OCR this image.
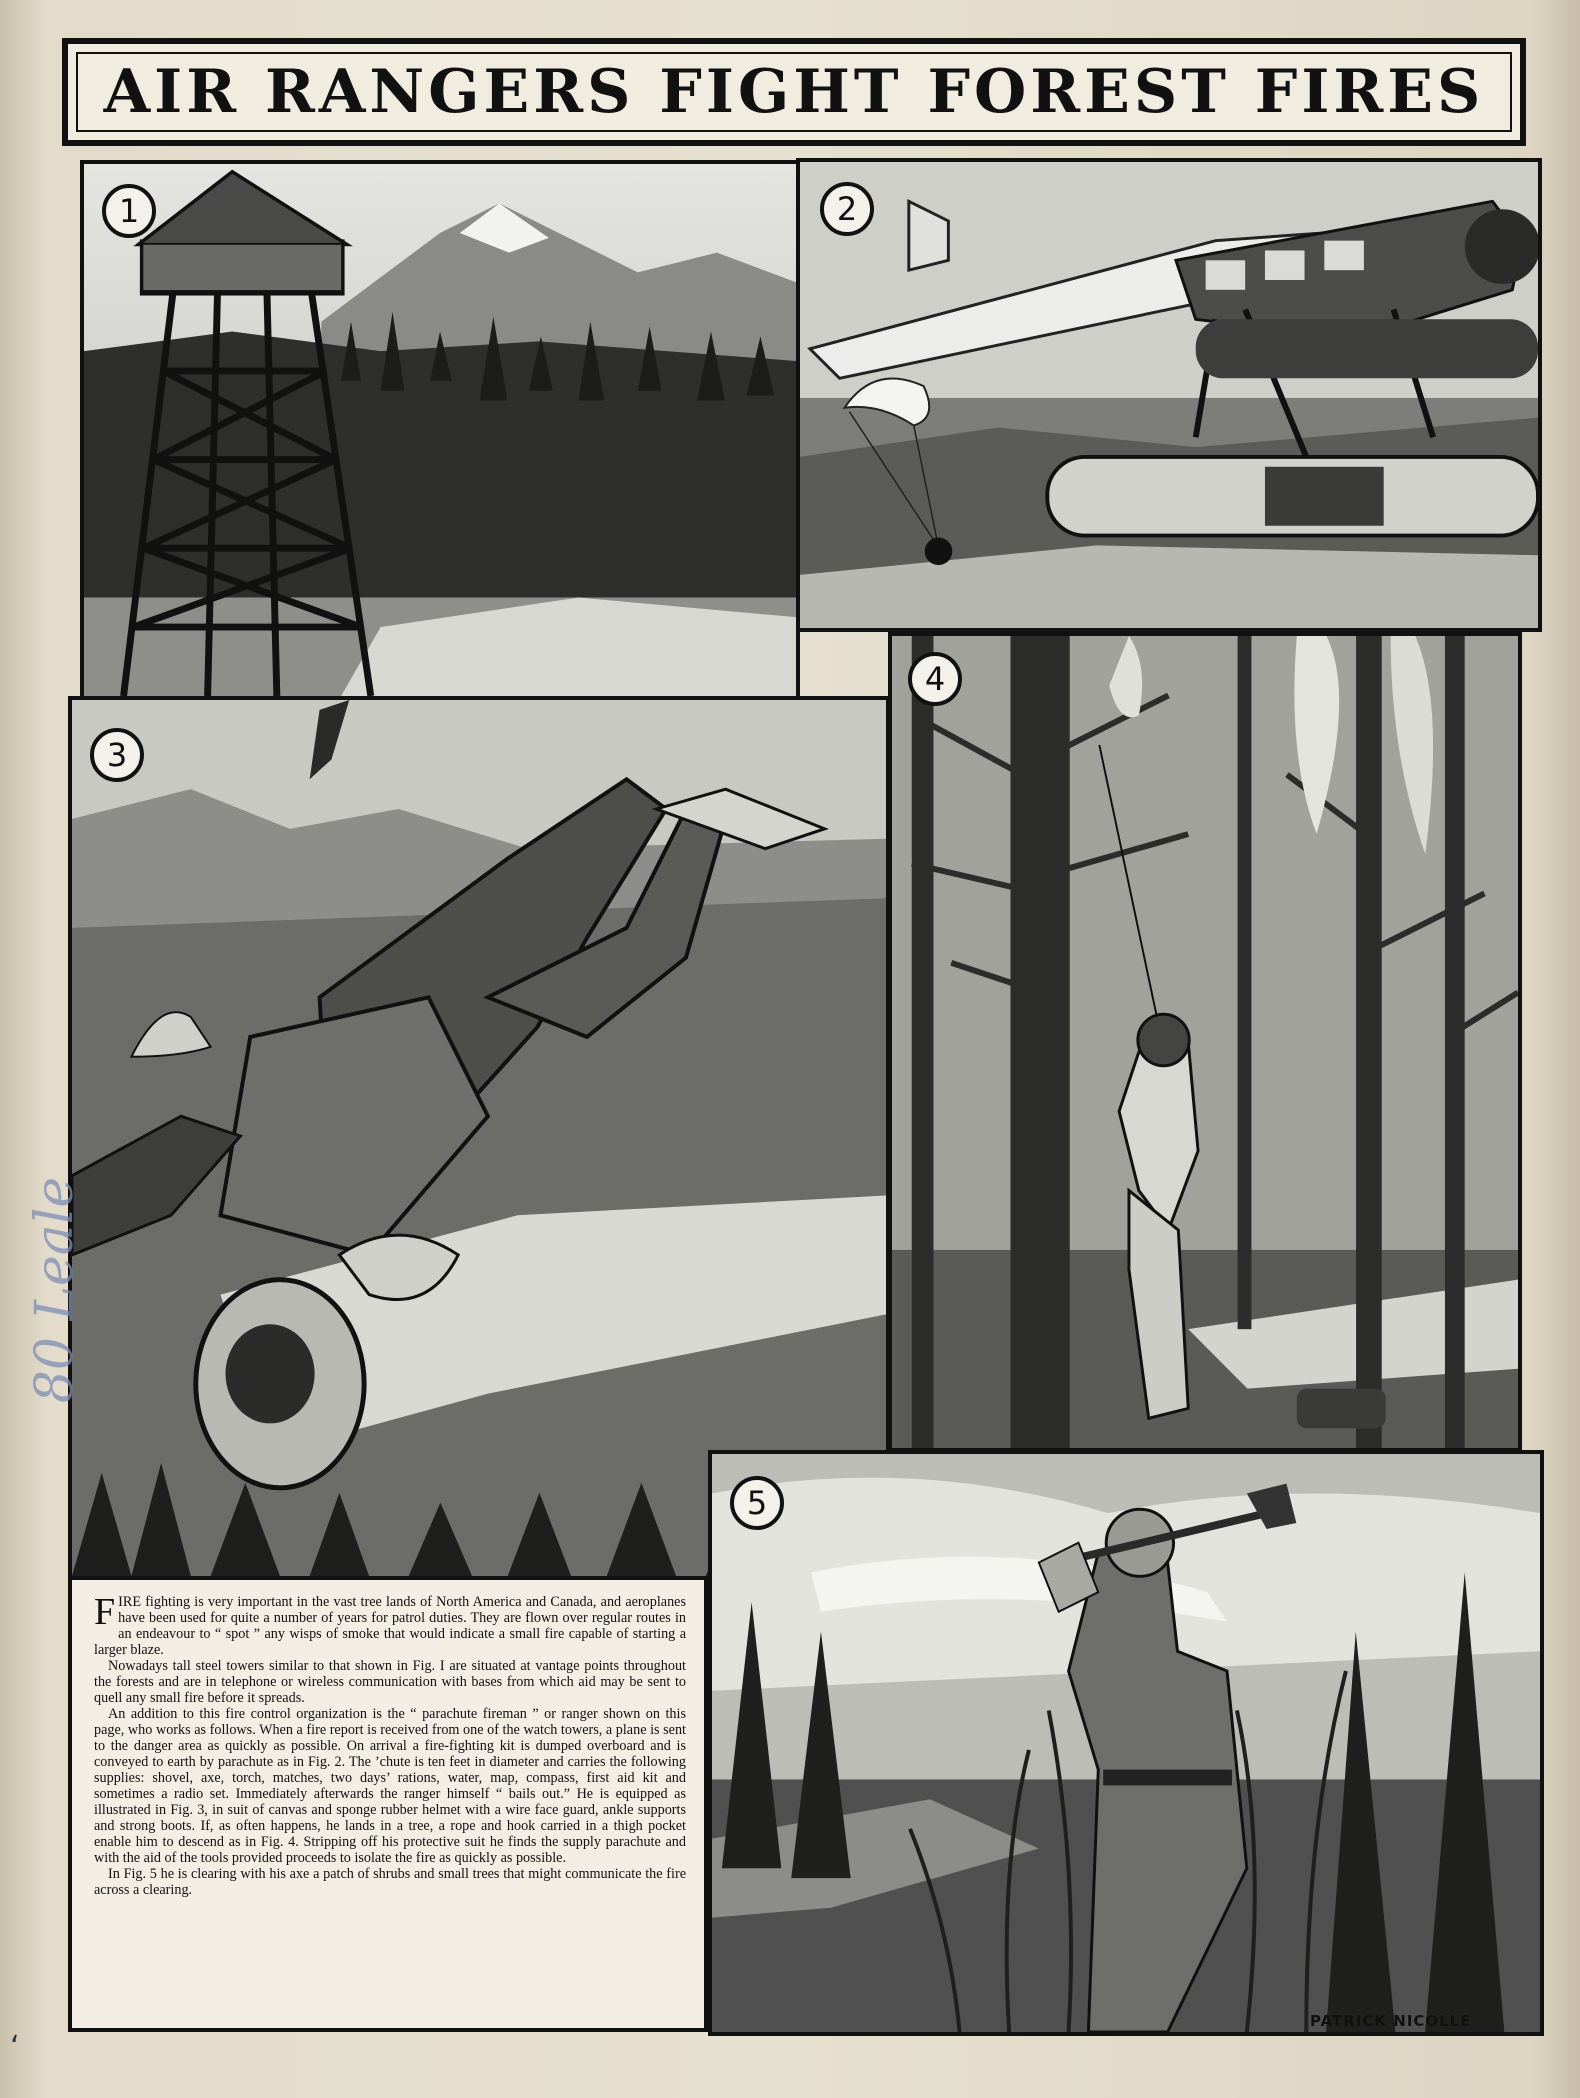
AIR RANGERS FIGHT FOREST FIRES
1	2
3
4
5
PATRICK NICOLLE

FIRE fighting is very important in the vast tree lands of North America and Canada, and aeroplanes have been used for quite a number of years for patrol duties. They are flown over regular routes in an endeavour to “ spot ” any wisps of smoke that would indicate a small fire capable of starting a larger blaze.

Nowadays tall steel towers similar to that shown in Fig. I are situated at vantage points throughout the forests and are in telephone or wireless communication with bases from which aid may be sent to quell any small fire before it spreads.

An addition to this fire control organization is the “ parachute fireman ” or ranger shown on this page, who works as follows. When a fire report is received from one of the watch towers, a plane is sent to the danger area as quickly as possible. On arrival a fire-fighting kit is dumped overboard and is conveyed to earth by parachute as in Fig. 2. The ’chute is ten feet in diameter and carries the following supplies: shovel, axe, torch, matches, two days’ rations, water, map, compass, first aid kit and sometimes a radio set. Immediately afterwards the ranger himself “ bails out.” He is equipped as illustrated in Fig. 3, in suit of canvas and sponge rubber helmet with a wire face guard, ankle supports and strong boots. If, as often happens, he lands in a tree, a rope and hook carried in a thigh pocket enable him to descend as in Fig. 4. Stripping off his protective suit he finds the supply parachute and with the aid of the tools provided proceeds to isolate the fire as quickly as possible.

In Fig. 5 he is clearing with his axe a patch of shrubs and small trees that might communicate the fire across a clearing.

80 Leale
‘
